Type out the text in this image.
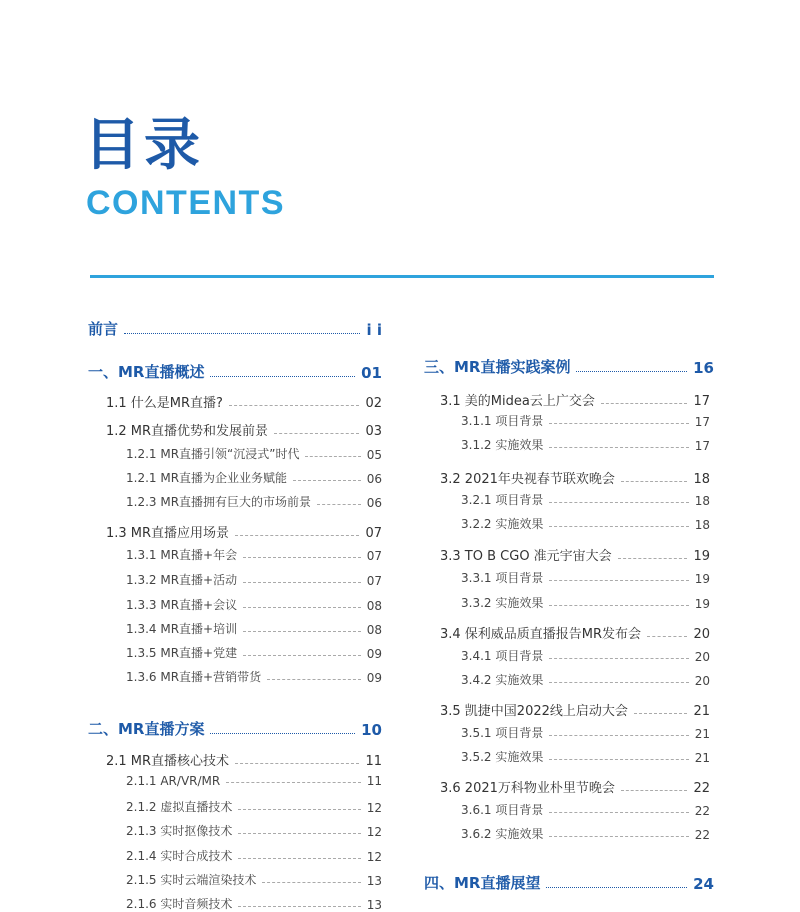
目录
CONTENTS
前言	i i
一、MR直播概述	01
1.1 什么是MR直播?	02
1.2 MR直播优势和发展前景	03
1.2.1 MR直播引领“沉浸式”时代	05
1.2.1 MR直播为企业业务赋能	06
1.2.3 MR直播拥有巨大的市场前景	06
1.3 MR直播应用场景	07
1.3.1 MR直播+年会	07
1.3.2 MR直播+活动	07
1.3.3 MR直播+会议	08
1.3.4 MR直播+培训	08
1.3.5 MR直播+党建	09
1.3.6 MR直播+营销带货	09
二、MR直播方案	10
2.1 MR直播核心技术	11
2.1.1 AR/VR/MR	11
2.1.2 虚拟直播技术	12
2.1.3 实时抠像技术	12
2.1.4 实时合成技术	12
2.1.5 实时云端渲染技术	13
2.1.6 实时音频技术	13
三、MR直播实践案例	16
3.1 美的Midea云上广交会	17
3.1.1 项目背景	17
3.1.2 实施效果	17
3.2 2021年央视春节联欢晚会	18
3.2.1 项目背景	18
3.2.2 实施效果	18
3.3 TO B CGO 准元宇宙大会	19
3.3.1 项目背景	19
3.3.2 实施效果	19
3.4 保利威品质直播报告MR发布会	20
3.4.1 项目背景	20
3.4.2 实施效果	20
3.5 凯捷中国2022线上启动大会	21
3.5.1 项目背景	21
3.5.2 实施效果	21
3.6 2021万科物业朴里节晚会	22
3.6.1 项目背景	22
3.6.2 实施效果	22
四、MR直播展望	24
